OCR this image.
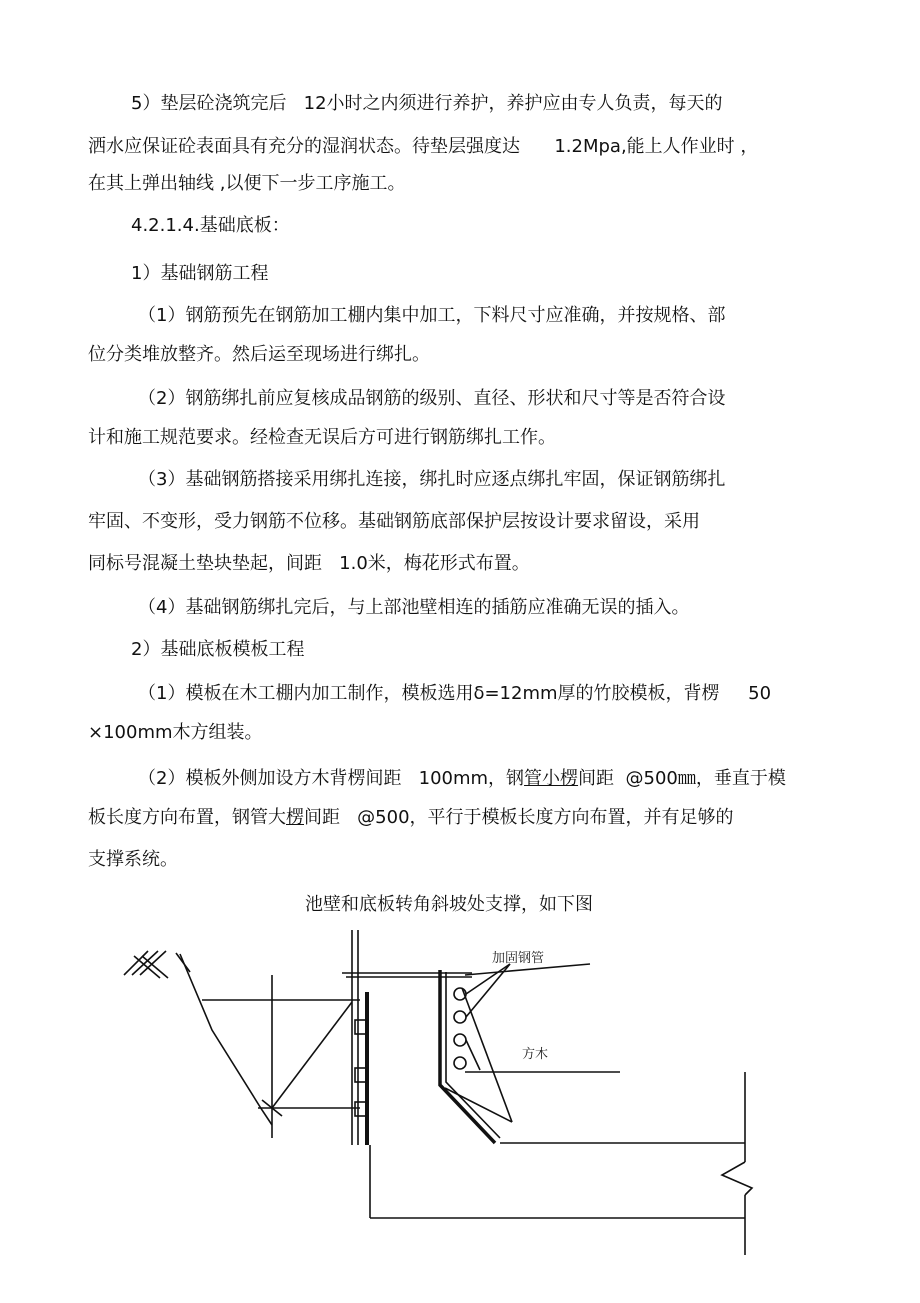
5）垫层砼浇筑完后   12小时之内须进行养护，养护应由专人负责，每天的
洒水应保证砼表面具有充分的湿润状态。待垫层强度达      1.2Mpa,能上人作业时 ，
在其上弹出轴线 ,以便下一步工序施工。
4.2.1.4.基础底板：
1）基础钢筋工程
（1）钢筋预先在钢筋加工棚内集中加工，下料尺寸应准确，并按规格、部
位分类堆放整齐。然后运至现场进行绑扎。
（2）钢筋绑扎前应复核成品钢筋的级别、直径、形状和尺寸等是否符合设
计和施工规范要求。经检查无误后方可进行钢筋绑扎工作。
（3）基础钢筋搭接采用绑扎连接，绑扎时应逐点绑扎牢固，保证钢筋绑扎
牢固、不变形，受力钢筋不位移。基础钢筋底部保护层按设计要求留设，采用
同标号混凝土垫块垫起，间距   1.0米，梅花形式布置。
（4）基础钢筋绑扎完后，与上部池壁相连的插筋应准确无误的插入。
2）基础底板模板工程
（1）模板在木工棚内加工制作，模板选用δ=12mm厚的竹胶模板，背楞     50
×100mm木方组装。
（2）模板外侧加设方木背楞间距   100mm，钢管小楞间距  @500㎜，垂直于模
板长度方向布置，钢管大楞间距   @500，平行于模板长度方向布置，并有足够的
支撑系统。
池壁和底板转角斜坡处支撑，如下图
加固钢管
方木
